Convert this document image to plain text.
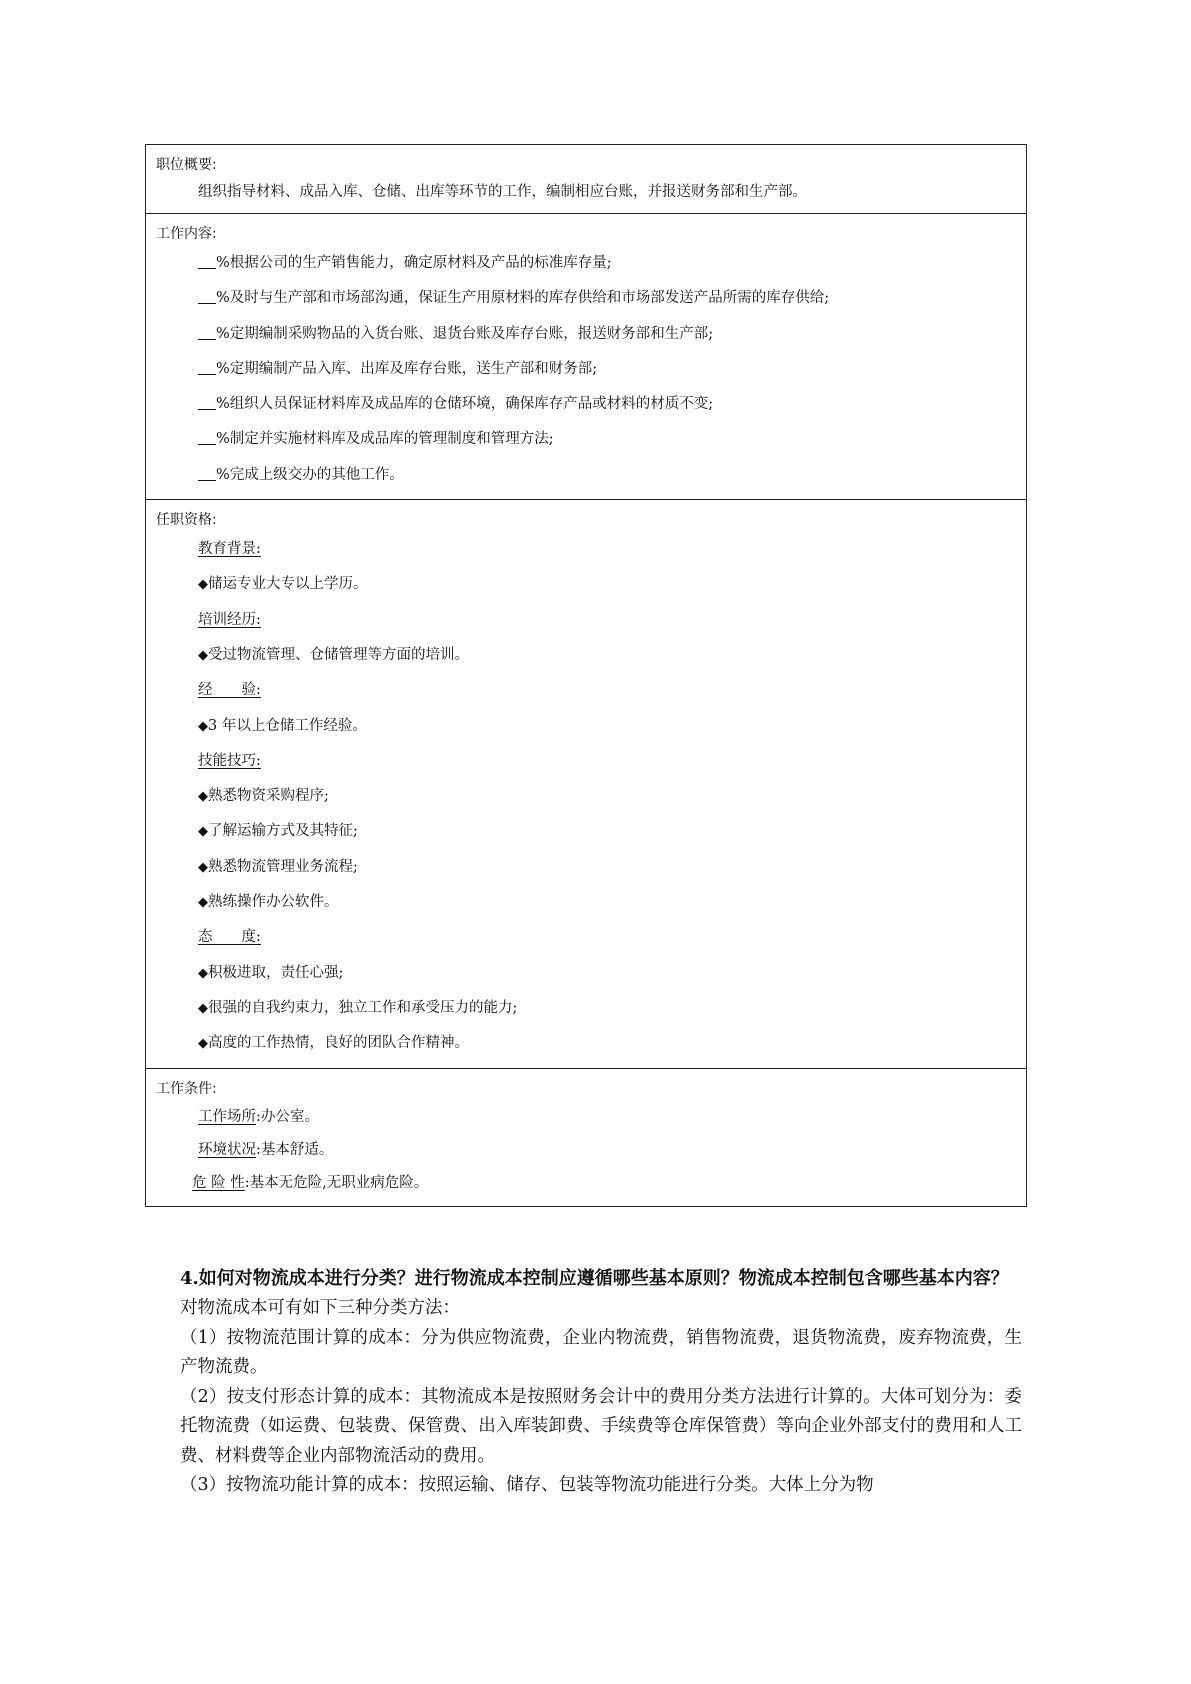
职位概要:
组织指导材料、成品入库、仓储、出库等环节的工作，编制相应台账，并报送财务部和生产部。
工作内容:
%根据公司的生产销售能力，确定原材料及产品的标准库存量;
%及时与生产部和市场部沟通，保证生产用原材料的库存供给和市场部发送产品所需的库存供给;
%定期编制采购物品的入货台账、退货台账及库存台账，报送财务部和生产部;
%定期编制产品入库、出库及库存台账，送生产部和财务部;
%组织人员保证材料库及成品库的仓储环境，确保库存产品或材料的材质不变;
%制定并实施材料库及成品库的管理制度和管理方法;
%完成上级交办的其他工作。
任职资格:
教育背景:
◆储运专业大专以上学历。
培训经历:
◆受过物流管理、仓储管理等方面的培训。
经　　验:
◆3 年以上仓储工作经验。
技能技巧:
◆熟悉物资采购程序;
◆了解运输方式及其特征;
◆熟悉物流管理业务流程;
◆熟练操作办公软件。
态　　度:
◆积极进取，责任心强;
◆很强的自我约束力，独立工作和承受压力的能力;
◆高度的工作热情，良好的团队合作精神。
工作条件:
工作场所:办公室。
环境状况:基本舒适。
危 险 性:基本无危险,无职业病危险。
4.如何对物流成本进行分类？进行物流成本控制应遵循哪些基本原则？物流成本控制包含哪些基本内容？
对物流成本可有如下三种分类方法：
（1）按物流范围计算的成本：分为供应物流费，企业内物流费，销售物流费，退货物流费，废弃物流费，生产物流费。
（2）按支付形态计算的成本：其物流成本是按照财务会计中的费用分类方法进行计算的。大体可划分为：委托物流费（如运费、包装费、保管费、出入库装卸费、手续费等仓库保管费）等向企业外部支付的费用和人工费、材料费等企业内部物流活动的费用。
（3）按物流功能计算的成本：按照运输、储存、包装等物流功能进行分类。大体上分为物
